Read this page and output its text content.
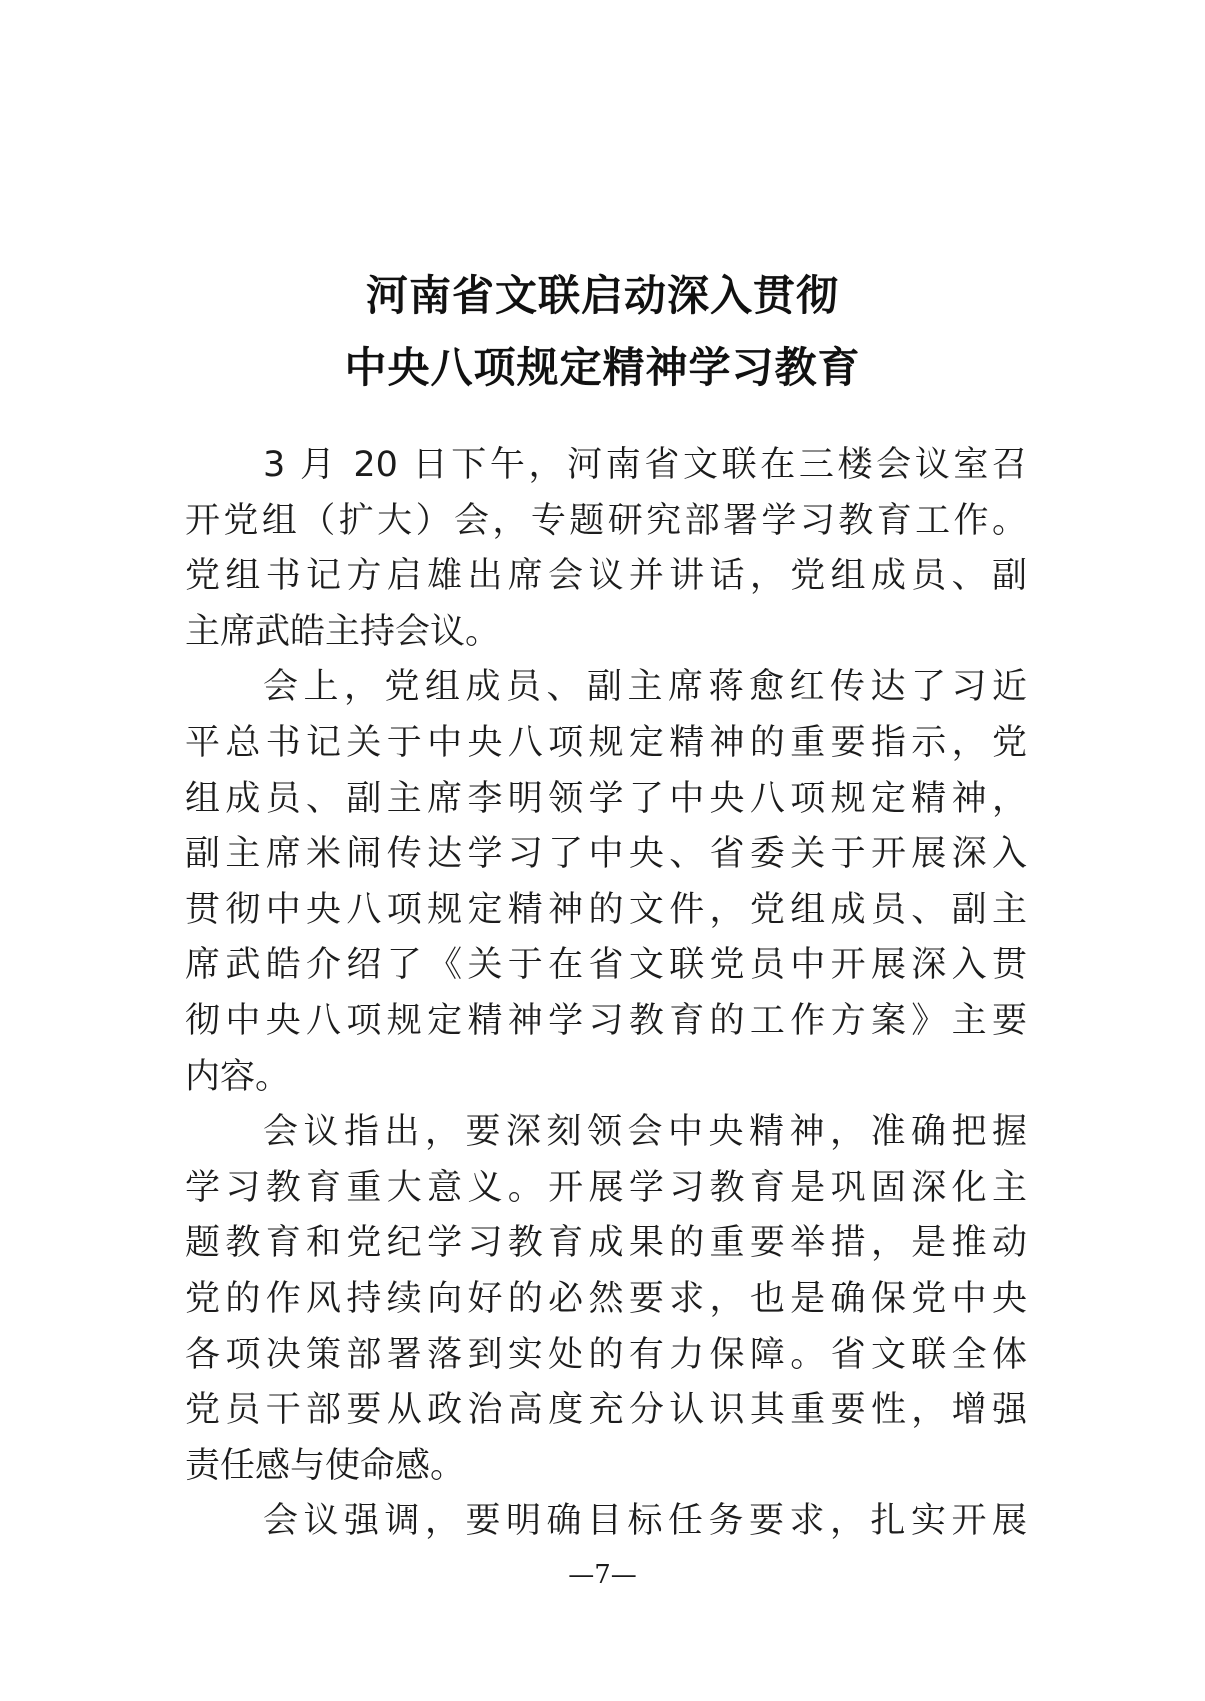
河南省文联启动深入贯彻
中央八项规定精神学习教育
3 月 20 日下午，河南省文联在三楼会议室召
开党组（扩大）会，专题研究部署学习教育工作。
党组书记方启雄出席会议并讲话，党组成员、副
主席武皓主持会议。
会上，党组成员、副主席蒋愈红传达了习近
平总书记关于中央八项规定精神的重要指示，党
组成员、副主席李明领学了中央八项规定精神，
副主席米闹传达学习了中央、省委关于开展深入
贯彻中央八项规定精神的文件，党组成员、副主
席武皓介绍了《关于在省文联党员中开展深入贯
彻中央八项规定精神学习教育的工作方案》主要
内容。
会议指出，要深刻领会中央精神，准确把握
学习教育重大意义。开展学习教育是巩固深化主
题教育和党纪学习教育成果的重要举措，是推动
党的作风持续向好的必然要求，也是确保党中央
各项决策部署落到实处的有力保障。省文联全体
党员干部要从政治高度充分认识其重要性，增强
责任感与使命感。
会议强调，要明确目标任务要求，扎实开展
—7—
